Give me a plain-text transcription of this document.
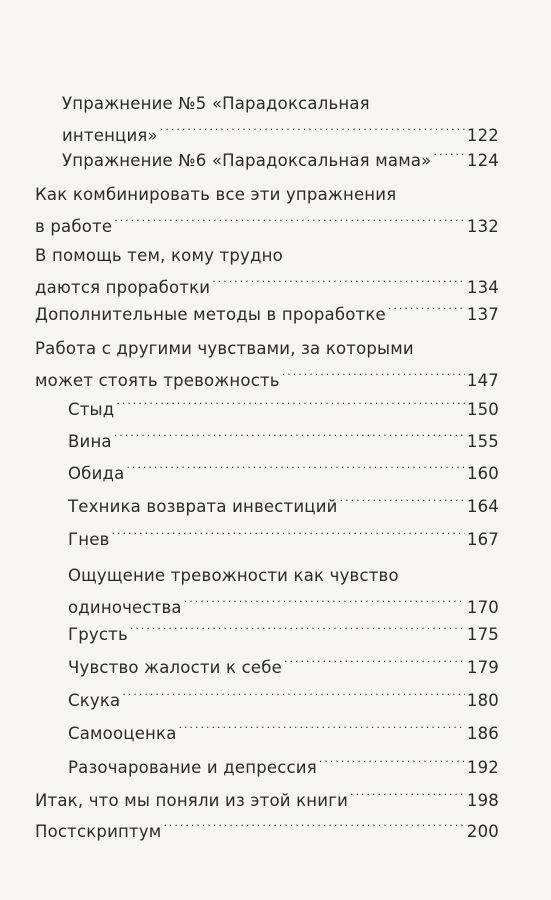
Упражнение №5 «Парадоксальная
интенция» .....	122
Упражнение №6 «Парадоксальная мама» ..... 124
Как комбинировать все эти упражнения
в работе .....	132
В помощь тем, кому трудно
даются проработки .....	134
Дополнительные методы в проработке .....	137
Работа с другими чувствами, за которыми
может стоять тревожность .....	147
Стыд .....	150
Вина .....	155
Обида .....	160
Техника возврата инвестиций .....	164
Гнев .....	167
Ощущение тревожности как чувство
одиночества .....	170
Грусть .....	175
Чувство жалости к себе .....	179
Скука .....	180
Самооценка .....	186
Разочарование и депрессия .....	192
Итак, что мы поняли из этой книги .....	198
Постскриптум .....	200
